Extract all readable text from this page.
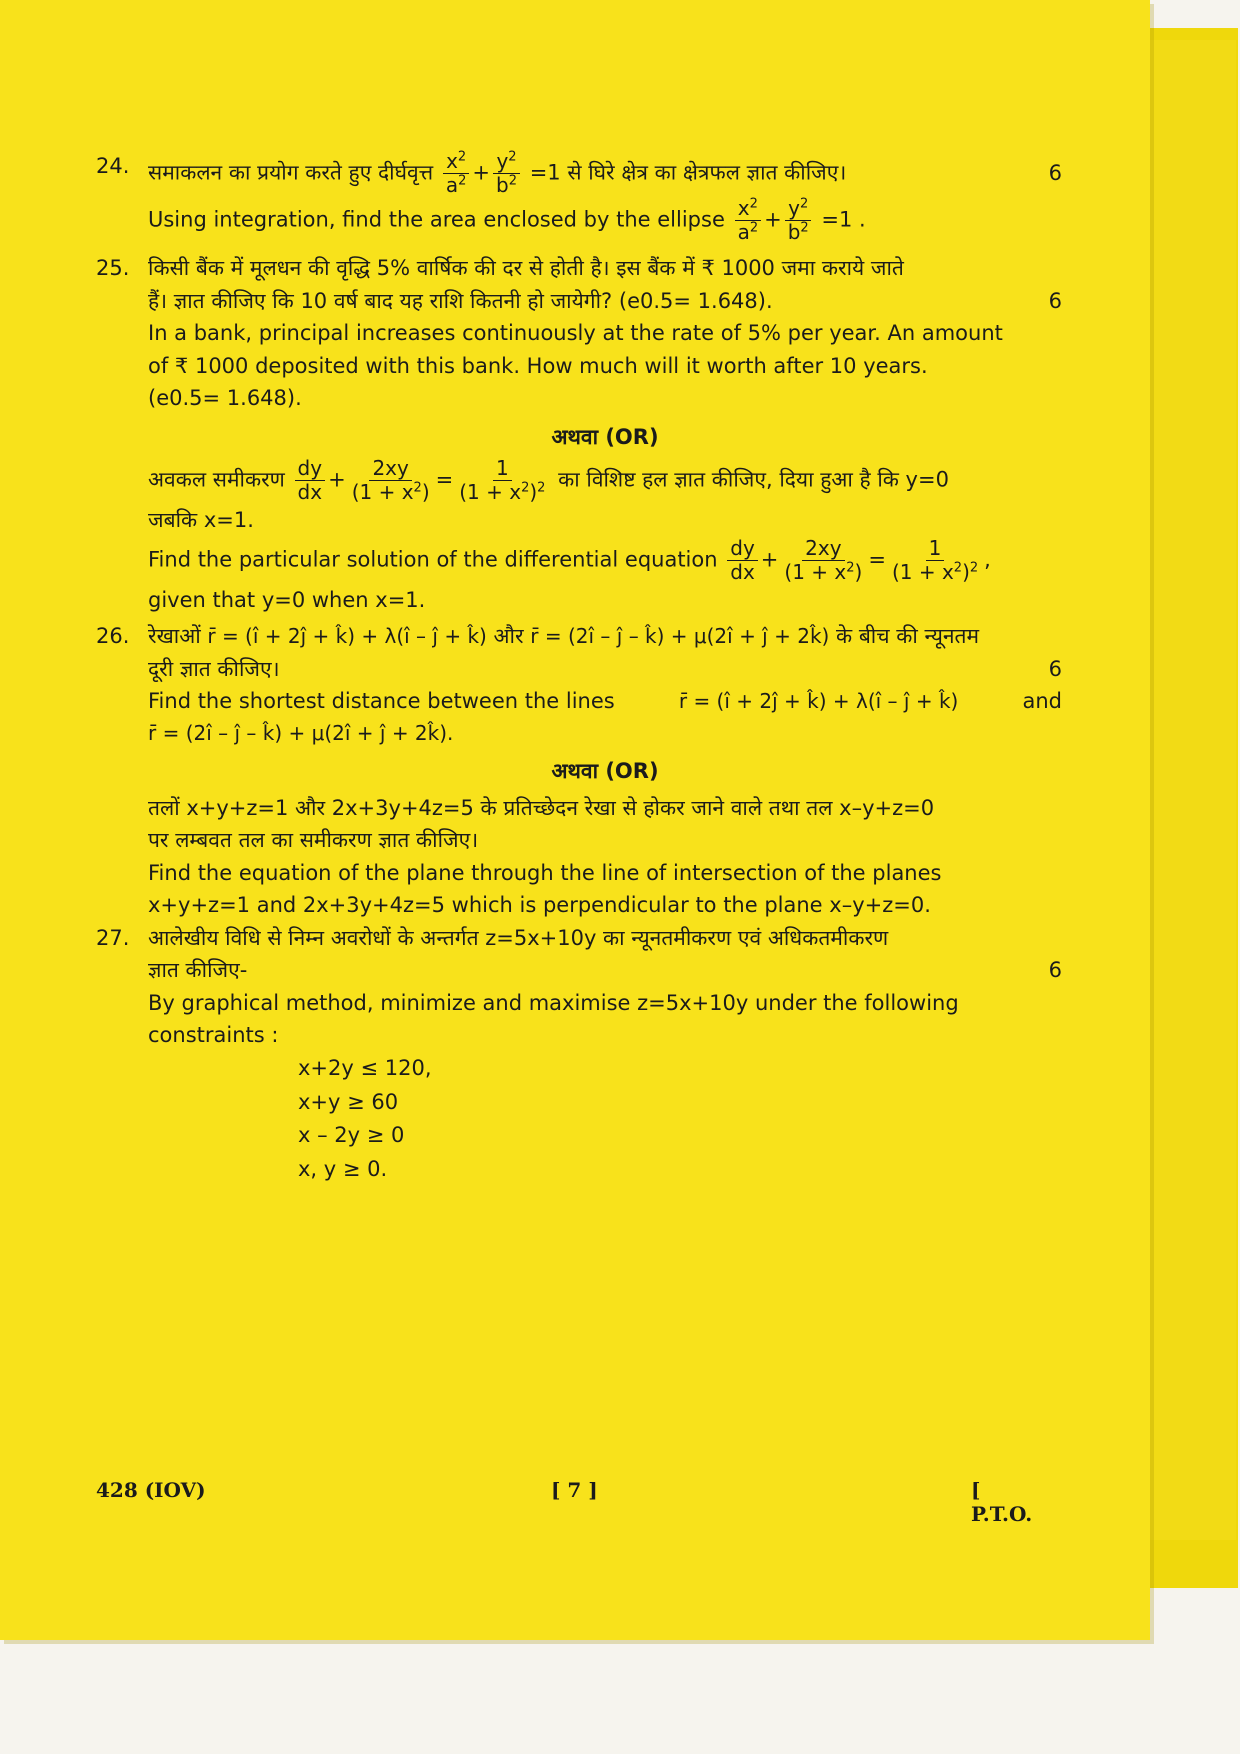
24. समाकलन का प्रयोग करते हुए दीर्घवृत्त $\frac{x^2}{a^2} + \frac{y^2}{b^2} =1$ से घिरे क्षेत्र का क्षेत्रफल ज्ञात कीजिए।	6
Using integration, find the area enclosed by the ellipse $\frac{x^2}{a^2} + \frac{y^2}{b^2} =1$ .
25. किसी बैंक में मूलधन की वृद्धि 5% वार्षिक की दर से होती है। इस बैंक में ₹ 1000 जमा कराये जाते
हैं। ज्ञात कीजिए कि 10 वर्ष बाद यह राशि कितनी हो जायेगी? (e0.5= 1.648).	6
In a bank, principal increases continuously at the rate of 5% per year. An amount
of ₹ 1000 deposited with this bank. How much will it worth after 10 years.
(e0.5= 1.648).
अथवा (OR)
अवकल समीकरण $\frac{dy}{dx} + \frac{2xy}{(1 + x^2)} = \frac{1}{(1 + x^2)^2}$ का विशिष्ट हल ज्ञात कीजिए, दिया हुआ है कि y=0
जबकि x=1.
Find the particular solution of the differential equation $\frac{dy}{dx} + \frac{2xy}{(1 + x^2)} = \frac{1}{(1 + x^2)^2}$ ,
given that y=0 when x=1.
26. रेखाओं r̄ = (î + 2ĵ + k̂) + λ(î – ĵ + k̂) और r̄ = (2î – ĵ – k̂) + μ(2î + ĵ + 2k̂) के बीच की न्यूनतम
दूरी ज्ञात कीजिए।	6
Find the shortest distance between the lines	r̄ = (î + 2ĵ + k̂) + λ(î – ĵ + k̂)	and
r̄ = (2î – ĵ – k̂) + μ(2î + ĵ + 2k̂).
अथवा (OR)
तलों x+y+z=1 और 2x+3y+4z=5 के प्रतिच्छेदन रेखा से होकर जाने वाले तथा तल x–y+z=0
पर लम्बवत तल का समीकरण ज्ञात कीजिए।
Find the equation of the plane through the line of intersection of the planes
x+y+z=1 and 2x+3y+4z=5 which is perpendicular to the plane x–y+z=0.
27. आलेखीय विधि से निम्न अवरोधों के अन्तर्गत z=5x+10y का न्यूनतमीकरण एवं अधिकतमीकरण
ज्ञात कीजिए-	6
By graphical method, minimize and maximise z=5x+10y under the following
constraints :
x+2y ≤ 120,
x+y ≥ 60
x – 2y ≥ 0
x, y ≥ 0.
428 (IOV)	[ 7 ]	[ P.T.O.
